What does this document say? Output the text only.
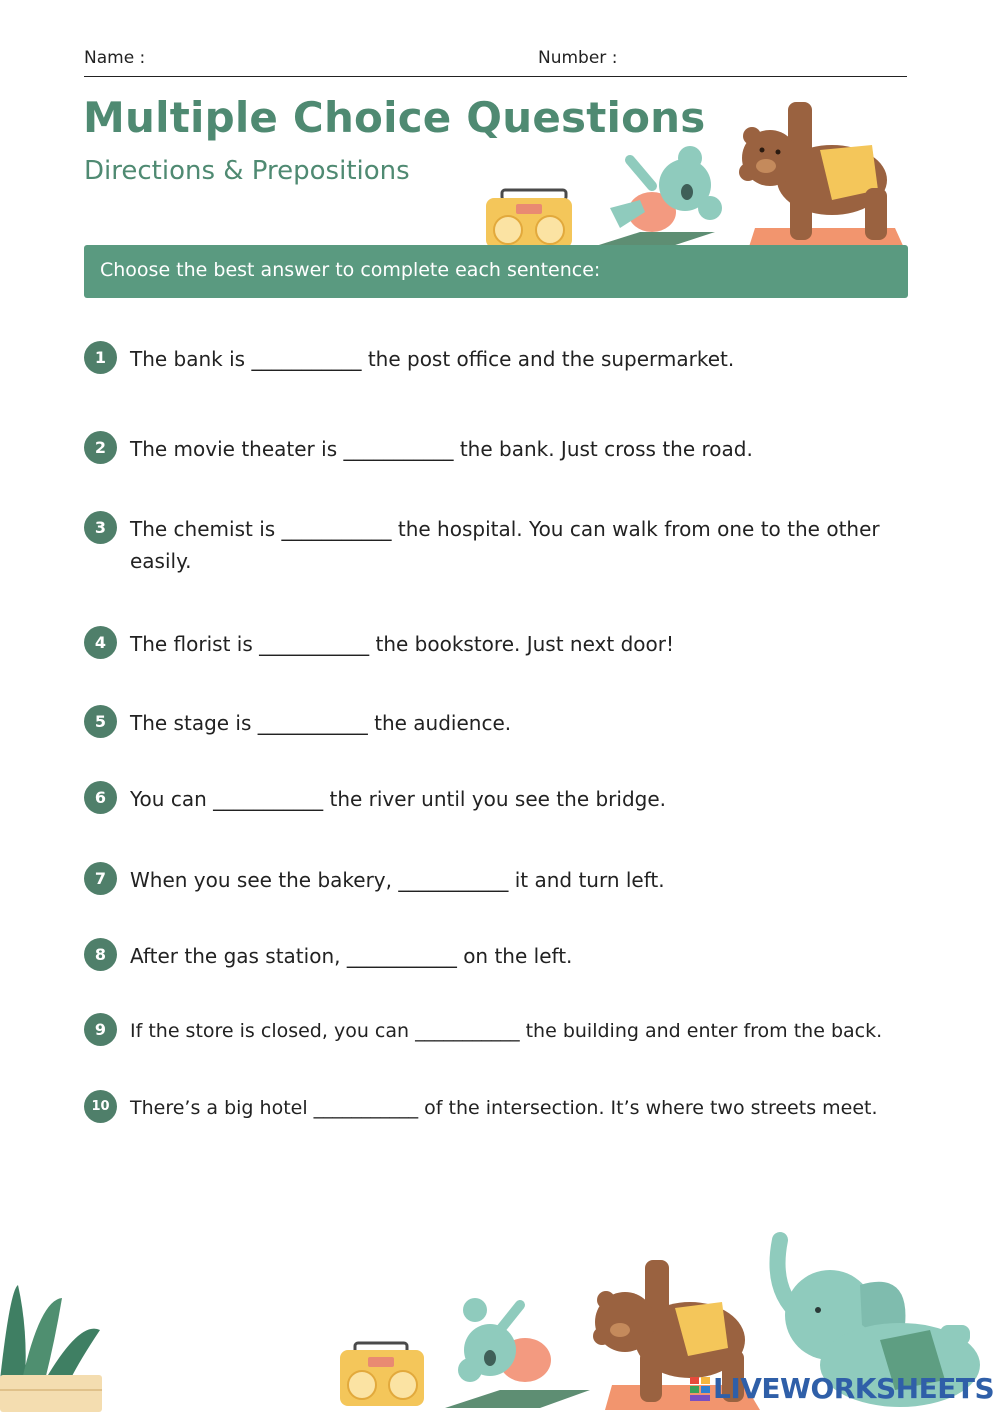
Name :	Number :
Multiple Choice Questions
Directions & Prepositions
Choose the best answer to complete each sentence:
1	The bank is ___________ the post office and the supermarket.
2	The movie theater is ___________ the bank. Just cross the road.
3	The chemist is ___________ the hospital. You can walk from one to the other easily.
4	The florist is ___________ the bookstore. Just next door!
5	The stage is ___________ the audience.
6	You can ___________ the river until you see the bridge.
7	When you see the bakery, ___________ it and turn left.
8	After the gas station, ___________ on the left.
9	If the store is closed, you can ___________ the building and enter from the back.
10	There’s a big hotel ___________ of the intersection. It’s where two streets meet.
LIVEWORKSHEETS
